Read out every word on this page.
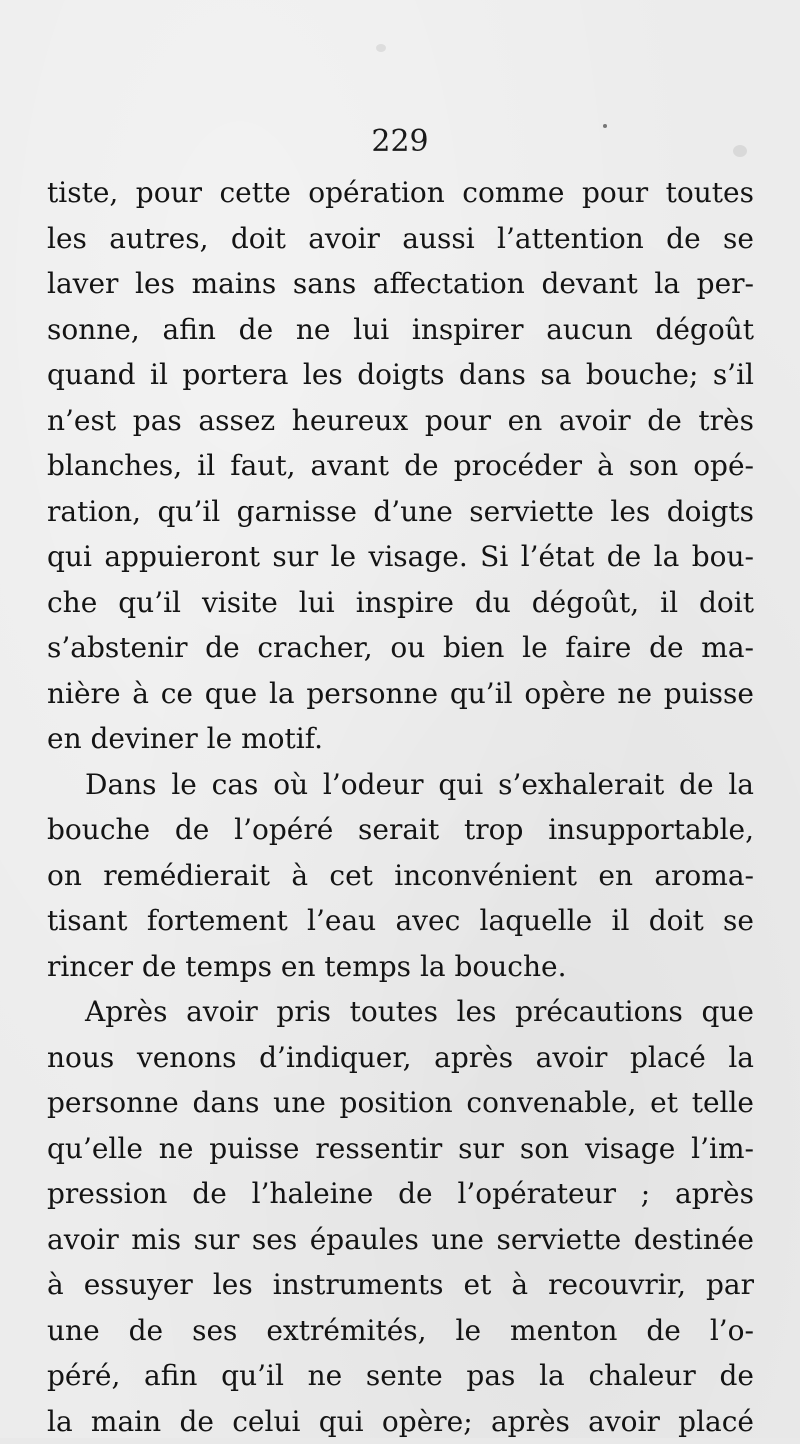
229
tiste, pour cette opération comme pour toutes
les autres, doit avoir aussi l’attention de se
laver les mains sans affectation devant la per-
sonne, afin de ne lui inspirer aucun dégoût
quand il portera les doigts dans sa bouche; s’il
n’est pas assez heureux pour en avoir de très
blanches, il faut, avant de procéder à son opé-
ration, qu’il garnisse d’une serviette les doigts
qui appuieront sur le visage. Si l’état de la bou-
che qu’il visite lui inspire du dégoût, il doit
s’abstenir de cracher, ou bien le faire de ma-
nière à ce que la personne qu’il opère ne puisse
en deviner le motif.
Dans le cas où l’odeur qui s’exhalerait de la
bouche de l’opéré serait trop insupportable,
on remédierait à cet inconvénient en aroma-
tisant fortement l’eau avec laquelle il doit se
rincer de temps en temps la bouche.
Après avoir pris toutes les précautions que
nous venons d’indiquer, après avoir placé la
personne dans une position convenable, et telle
qu’elle ne puisse ressentir sur son visage l’im-
pression de l’haleine de l’opérateur ; après
avoir mis sur ses épaules une serviette destinée
à essuyer les instruments et à recouvrir, par
une de ses extrémités, le menton de l’o-
péré, afin qu’il ne sente pas la chaleur de
la main de celui qui opère; après avoir placé
